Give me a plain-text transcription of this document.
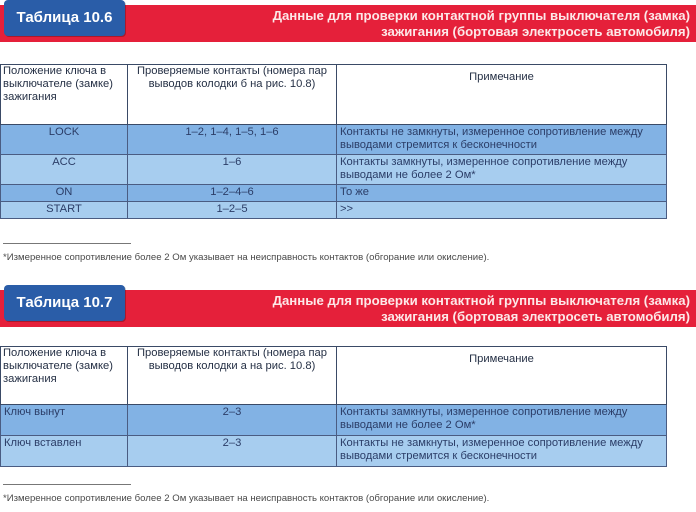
Таблица 10.6	Данные для проверки контактной группы выключателя (замка)
зажигания (бортовая электросеть автомобиля)
Положение ключа в выключателе (замке) зажигания	Проверяемые контакты (номера пар выводов колодки б на рис. 10.8)	Примечание
LOCK	1–2, 1–4, 1–5, 1–6	Контакты не замкнуты, измеренное сопротивление между выводами стремится к бесконечности
ACC	1–6	Контакты замкнуты, измеренное сопротивление между выводами не более 2 Ом*
ON	1–2–4–6	То же
START	1–2–5	>>
*Измеренное сопротивление более 2 Ом указывает на неисправность контактов (обгорание или окисление).
Таблица 10.7	Данные для проверки контактной группы выключателя (замка)
зажигания (бортовая электросеть автомобиля)
Положение ключа в выключателе (замке) зажигания	Проверяемые контакты (номера пар выводов колодки а на рис. 10.8)	Примечание
Ключ вынут	2–3	Контакты замкнуты, измеренное сопротивление между выводами не более 2 Ом*
Ключ вставлен	2–3	Контакты не замкнуты, измеренное сопротивление между выводами стремится к бесконечности
*Измеренное сопротивление более 2 Ом указывает на неисправность контактов (обгорание или окисление).
